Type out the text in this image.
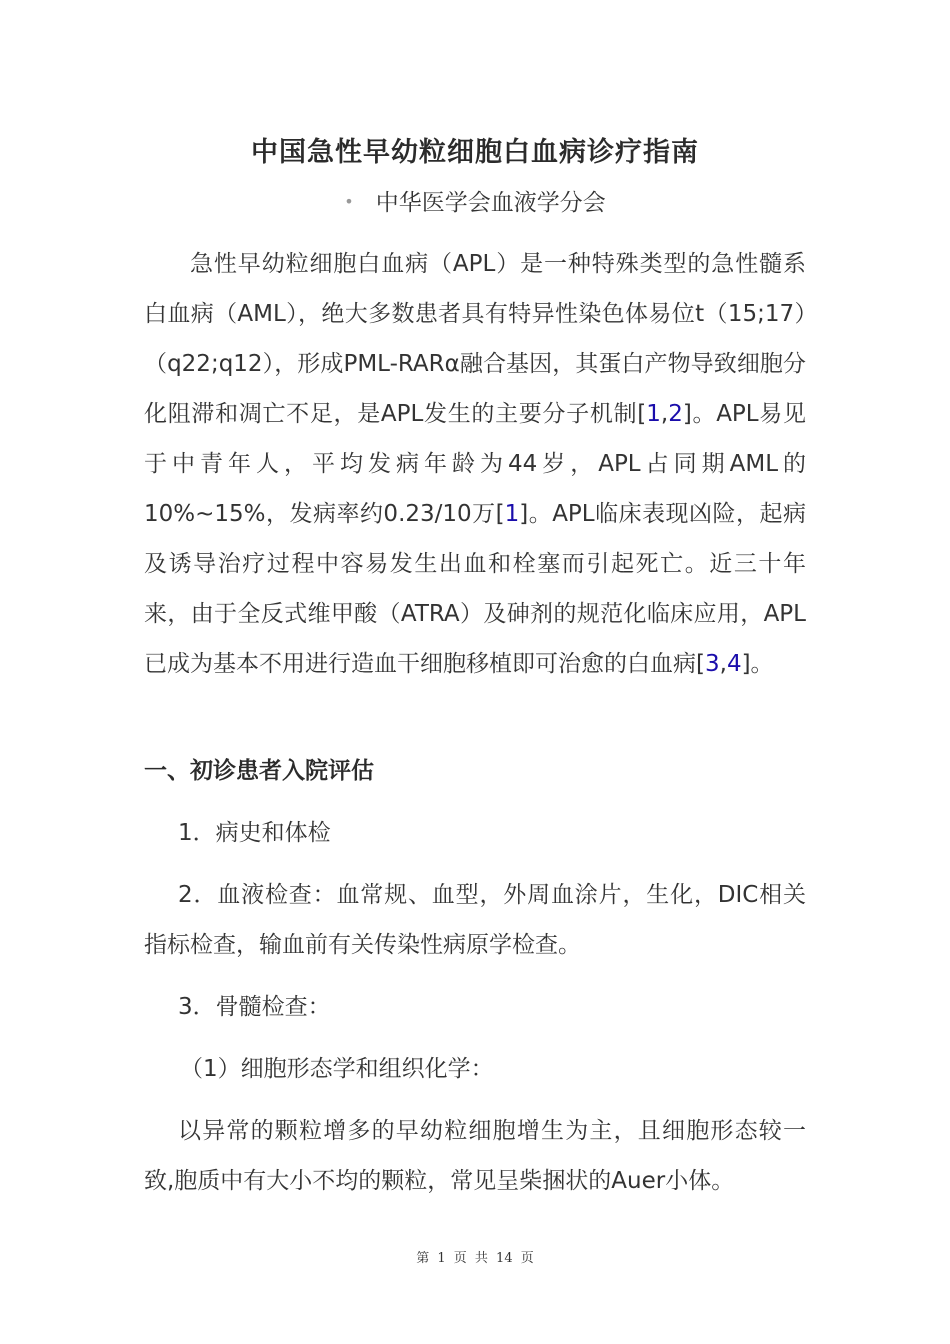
中国急性早幼粒细胞白血病诊疗指南
• 中华医学会血液学分会

急性早幼粒细胞白血病（APL）是一种特殊类型的急性髓系白血病（AML），绝大多数患者具有特异性染色体易位t（15;17）（q22;q12），形成PML-RARα融合基因，其蛋白产物导致细胞分化阻滞和凋亡不足，是APL发生的主要分子机制[1,2]。APL易见于中青年人，平均发病年龄为44岁，APL占同期AML的10%~15%，发病率约0.23/10万[1]。APL临床表现凶险，起病及诱导治疗过程中容易发生出血和栓塞而引起死亡。近三十年来，由于全反式维甲酸（ATRA）及砷剂的规范化临床应用，APL已成为基本不用进行造血干细胞移植即可治愈的白血病[3,4]。

一、初诊患者入院评估

1．病史和体检

2．血液检查：血常规、血型，外周血涂片，生化，DIC相关指标检查，输血前有关传染性病原学检查。

3．骨髓检查：

（1）细胞形态学和组织化学：

以异常的颗粒增多的早幼粒细胞增生为主，且细胞形态较一致,胞质中有大小不均的颗粒，常见呈柴捆状的Auer小体。

第 1 页 共 14 页
